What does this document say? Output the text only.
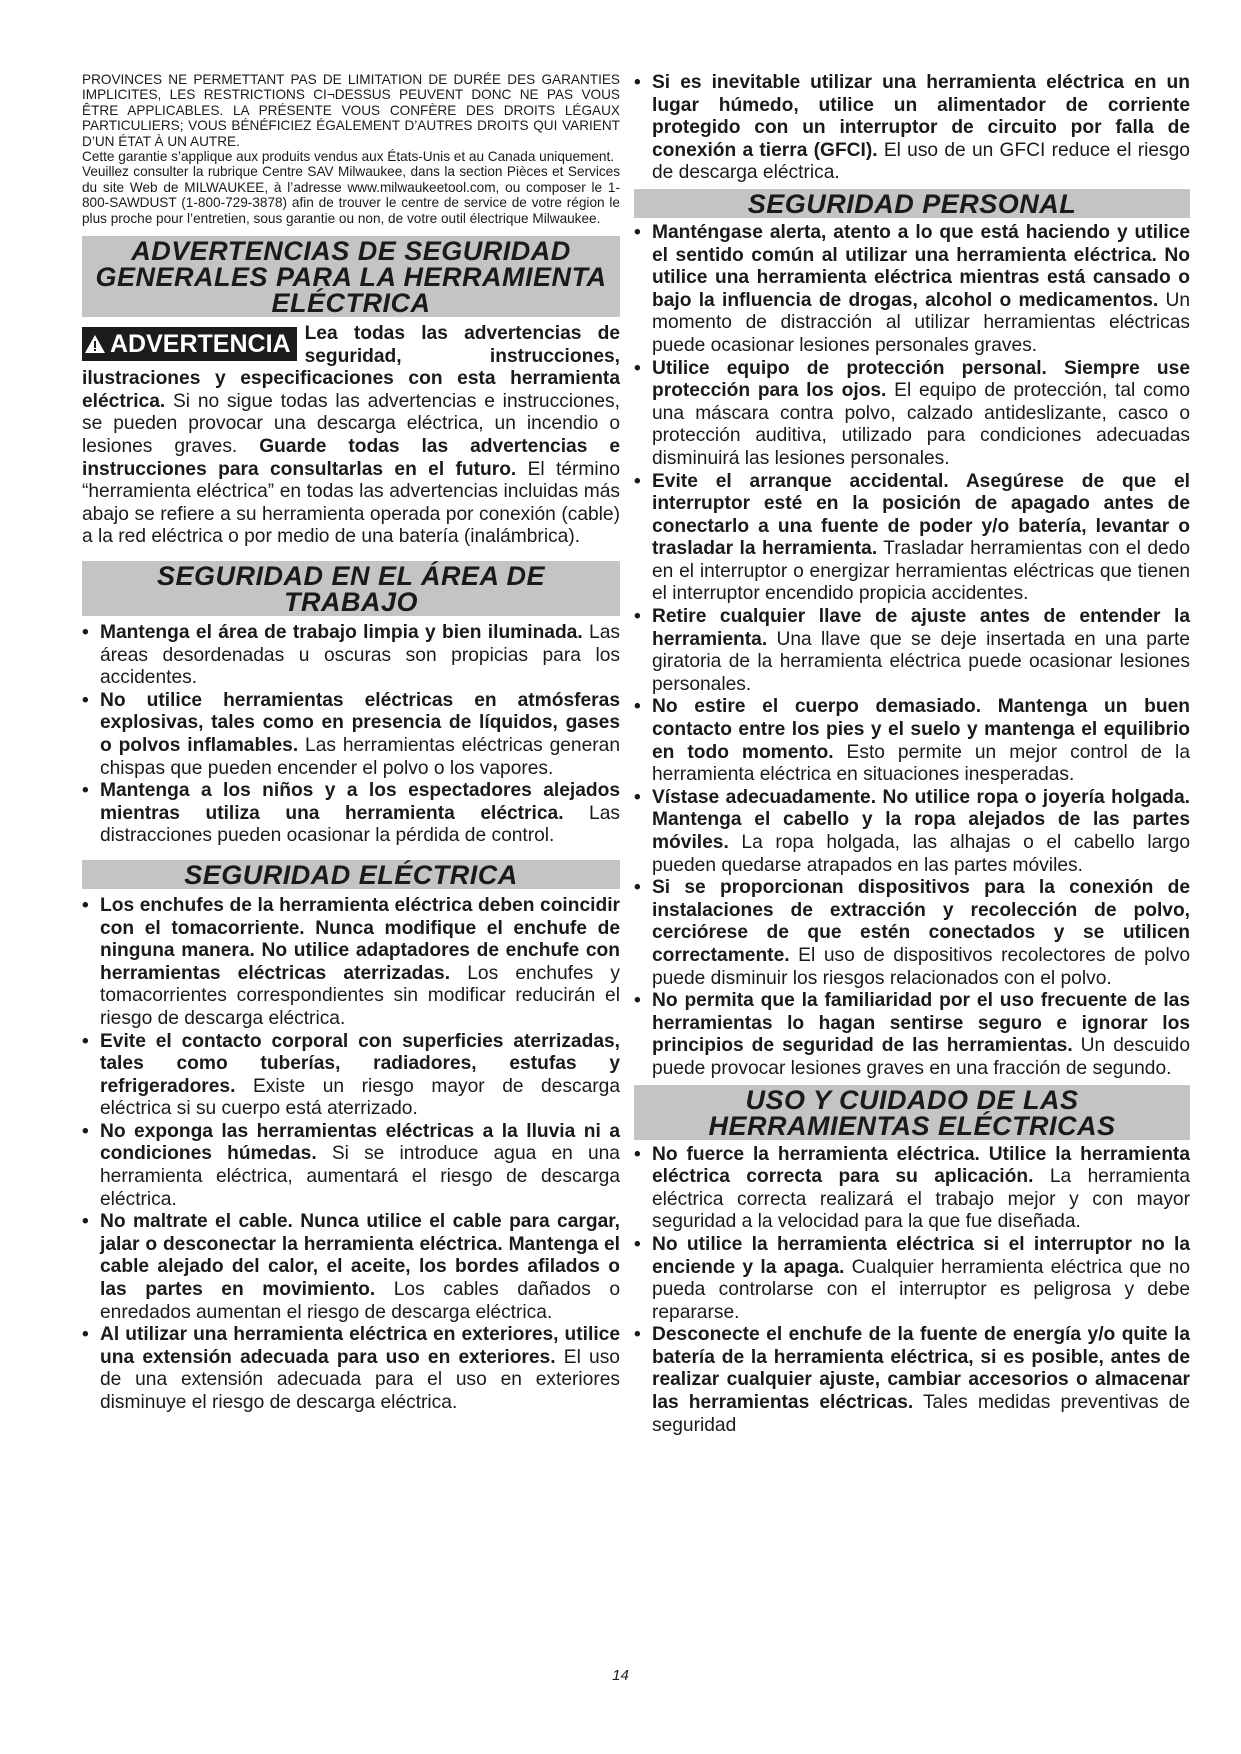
PROVINCES NE PERMETTANT PAS DE LIMITATION DE DURÉE DES GARANTIES IMPLICITES, LES RESTRICTIONS CI¬DESSUS PEUVENT DONC NE PAS VOUS ÊTRE APPLICABLES. LA PRÉSENTE VOUS CONFÈRE DES DROITS LÉGAUX PARTICULIERS; VOUS BÉNÉFICIEZ ÉGALEMENT D’AUTRES DROITS QUI VARIENT D’UN ÉTAT À UN AUTRE.

Cette garantie s’applique aux produits vendus aux États-Unis et au Canada uniquement.

Veuillez consulter la rubrique Centre SAV Milwaukee, dans la section Pièces et Services du site Web de MILWAUKEE, à l’adresse www.milwaukeetool.com, ou composer le 1-800-SAWDUST (1-800-729-3878) afin de trouver le centre de service de votre région le plus proche pour l’entretien, sous garantie ou non, de votre outil électrique Milwaukee.

ADVERTENCIAS DE SEGURIDAD GENERALES PARA LA HERRAMIENTA ELÉCTRICA
ADVERTENCIA Lea todas las advertencias de seguridad, instrucciones, ilustraciones y especificaciones con esta herramienta eléctrica. Si no sigue todas las advertencias e instrucciones, se pueden provocar una descarga eléctrica, un incendio o lesiones graves. Guarde todas las advertencias e instrucciones para consultarlas en el futuro. El término “herramienta eléctrica” en todas las advertencias incluidas más abajo se refiere a su herramienta operada por conexión (cable) a la red eléctrica o por medio de una batería (inalámbrica).
SEGURIDAD EN EL ÁREA DE TRABAJO
• Mantenga el área de trabajo limpia y bien iluminada. Las áreas desordenadas u oscuras son propicias para los accidentes.
• No utilice herramientas eléctricas en atmósferas explosivas, tales como en presencia de líquidos, gases o polvos inflamables. Las herramientas eléctricas generan chispas que pueden encender el polvo o los vapores.
• Mantenga a los niños y a los espectadores alejados mientras utiliza una herramienta eléctrica. Las distracciones pueden ocasionar la pérdida de control.
SEGURIDAD ELÉCTRICA
• Los enchufes de la herramienta eléctrica deben coincidir con el tomacorriente. Nunca modifique el enchufe de ninguna manera. No utilice adaptadores de enchufe con herramientas eléctricas aterrizadas. Los enchufes y tomacorrientes correspondientes sin modificar reducirán el riesgo de descarga eléctrica.
• Evite el contacto corporal con superficies aterrizadas, tales como tuberías, radiadores, estufas y refrigeradores. Existe un riesgo mayor de descarga eléctrica si su cuerpo está aterrizado.
• No exponga las herramientas eléctricas a la lluvia ni a condiciones húmedas. Si se introduce agua en una herramienta eléctrica, aumentará el riesgo de descarga eléctrica.
• No maltrate el cable. Nunca utilice el cable para cargar, jalar o desconectar la herramienta eléctrica. Mantenga el cable alejado del calor, el aceite, los bordes afilados o las partes en movimiento. Los cables dañados o enredados aumentan el riesgo de descarga eléctrica.
• Al utilizar una herramienta eléctrica en exteriores, utilice una extensión adecuada para uso en exteriores. El uso de una extensión adecuada para el uso en exteriores disminuye el riesgo de descarga eléctrica.
• Si es inevitable utilizar una herramienta eléctrica en un lugar húmedo, utilice un alimentador de corriente protegido con un interruptor de circuito por falla de conexión a tierra (GFCI). El uso de un GFCI reduce el riesgo de descarga eléctrica.
SEGURIDAD PERSONAL
• Manténgase alerta, atento a lo que está haciendo y utilice el sentido común al utilizar una herramienta eléctrica. No utilice una herramienta eléctrica mientras está cansado o bajo la influencia de drogas, alcohol o medicamentos. Un momento de distracción al utilizar herramientas eléctricas puede ocasionar lesiones personales graves.
• Utilice equipo de protección personal. Siempre use protección para los ojos. El equipo de protección, tal como una máscara contra polvo, calzado antideslizante, casco o protección auditiva, utilizado para condiciones adecuadas disminuirá las lesiones personales.
• Evite el arranque accidental. Asegúrese de que el interruptor esté en la posición de apagado antes de conectarlo a una fuente de poder y/o batería, levantar o trasladar la herramienta. Trasladar herramientas con el dedo en el interruptor o energizar herramientas eléctricas que tienen el interruptor encendido propicia accidentes.
• Retire cualquier llave de ajuste antes de entender la herramienta. Una llave que se deje insertada en una parte giratoria de la herramienta eléctrica puede ocasionar lesiones personales.
• No estire el cuerpo demasiado. Mantenga un buen contacto entre los pies y el suelo y mantenga el equilibrio en todo momento. Esto permite un mejor control de la herramienta eléctrica en situaciones inesperadas.
• Vístase adecuadamente. No utilice ropa o joyería holgada. Mantenga el cabello y la ropa alejados de las partes móviles. La ropa holgada, las alhajas o el cabello largo pueden quedarse atrapados en las partes móviles.
• Si se proporcionan dispositivos para la conexión de instalaciones de extracción y recolección de polvo, cerciórese de que estén conectados y se utilicen correctamente. El uso de dispositivos recolectores de polvo puede disminuir los riesgos relacionados con el polvo.
• No permita que la familiaridad por el uso frecuente de las herramientas lo hagan sentirse seguro e ignorar los principios de seguridad de las herramientas. Un descuido puede provocar lesiones graves en una fracción de segundo.
USO Y CUIDADO DE LAS HERRAMIENTAS ELÉCTRICAS
• No fuerce la herramienta eléctrica. Utilice la herramienta eléctrica correcta para su aplicación. La herramienta eléctrica correcta realizará el trabajo mejor y con mayor seguridad a la velocidad para la que fue diseñada.
• No utilice la herramienta eléctrica si el interruptor no la enciende y la apaga. Cualquier herramienta eléctrica que no pueda controlarse con el interruptor es peligrosa y debe repararse.
• Desconecte el enchufe de la fuente de energía y/o quite la batería de la herramienta eléctrica, si es posible, antes de realizar cualquier ajuste, cambiar accesorios o almacenar las herramientas eléctricas. Tales medidas preventivas de seguridad
14
